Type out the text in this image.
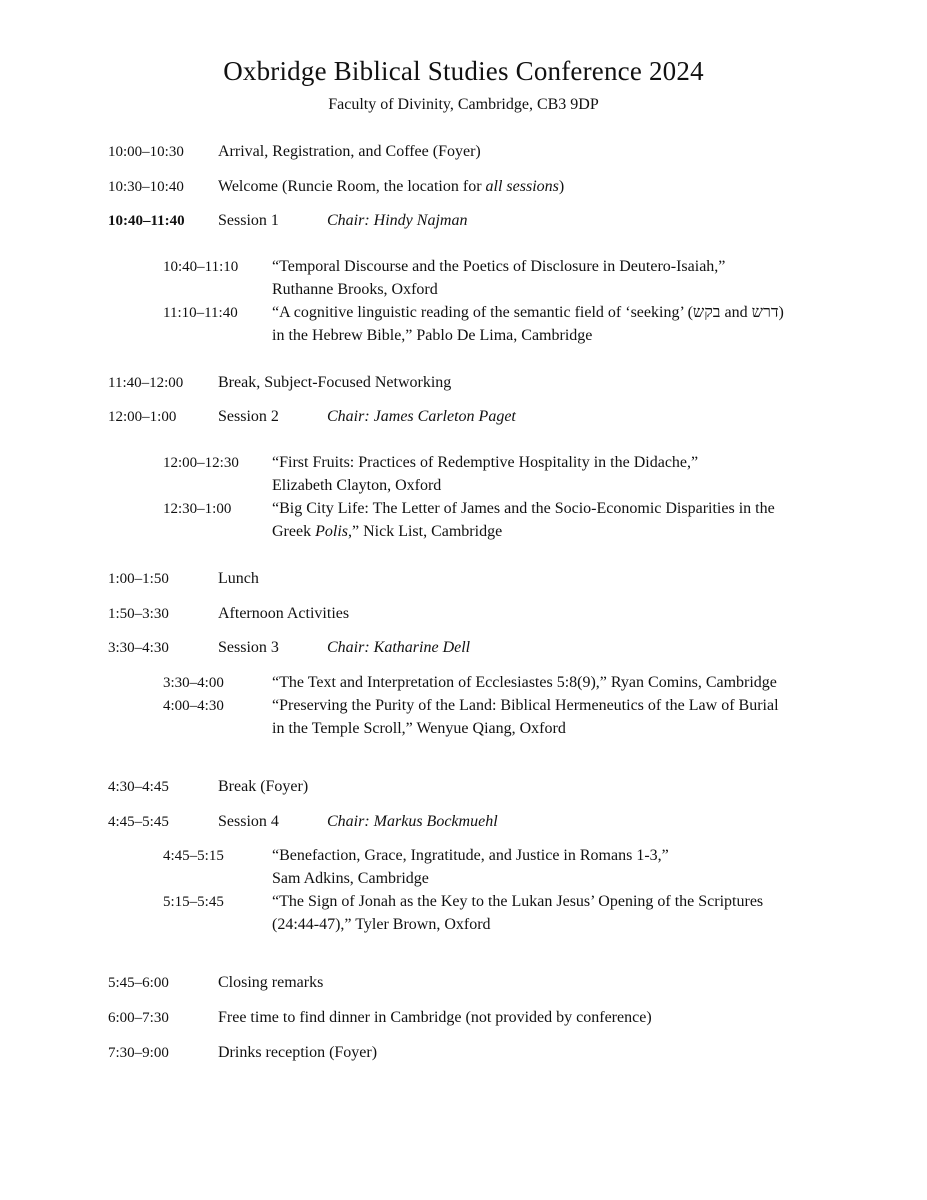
Oxbridge Biblical Studies Conference 2024
Faculty of Divinity, Cambridge, CB3 9DP
10:00–10:30 Arrival, Registration, and Coffee (Foyer)
10:30–10:40 Welcome (Runcie Room, the location for all sessions)
10:40–11:40 Session 1	Chair: Hindy Najman
10:40–11:10 “Temporal Discourse and the Poetics of Disclosure in Deutero-Isaiah,”
Ruthanne Brooks, Oxford
11:10–11:40 “A cognitive linguistic reading of the semantic field of ‘seeking’ (בקש and דרש)
in the Hebrew Bible,” Pablo De Lima, Cambridge
11:40–12:00 Break, Subject-Focused Networking
12:00–1:00	Session 2	Chair: James Carleton Paget
12:00–12:30 “First Fruits: Practices of Redemptive Hospitality in the Didache,”
Elizabeth Clayton, Oxford
12:30–1:00	“Big City Life: The Letter of James and the Socio-Economic Disparities in the
Greek Polis,” Nick List, Cambridge
1:00–1:50	Lunch
1:50–3:30	Afternoon Activities
3:30–4:30	Session 3	Chair: Katharine Dell
3:30–4:00	“The Text and Interpretation of Ecclesiastes 5:8(9),” Ryan Comins, Cambridge
4:00–4:30	“Preserving the Purity of the Land: Biblical Hermeneutics of the Law of Burial
in the Temple Scroll,” Wenyue Qiang, Oxford
4:30–4:45	Break (Foyer)
4:45–5:45	Session 4	Chair: Markus Bockmuehl
4:45–5:15	“Benefaction, Grace, Ingratitude, and Justice in Romans 1-3,”
Sam Adkins, Cambridge
5:15–5:45	“The Sign of Jonah as the Key to the Lukan Jesus’ Opening of the Scriptures
(24:44-47),” Tyler Brown, Oxford
5:45–6:00	Closing remarks
6:00–7:30	Free time to find dinner in Cambridge (not provided by conference)
7:30–9:00	Drinks reception (Foyer)
